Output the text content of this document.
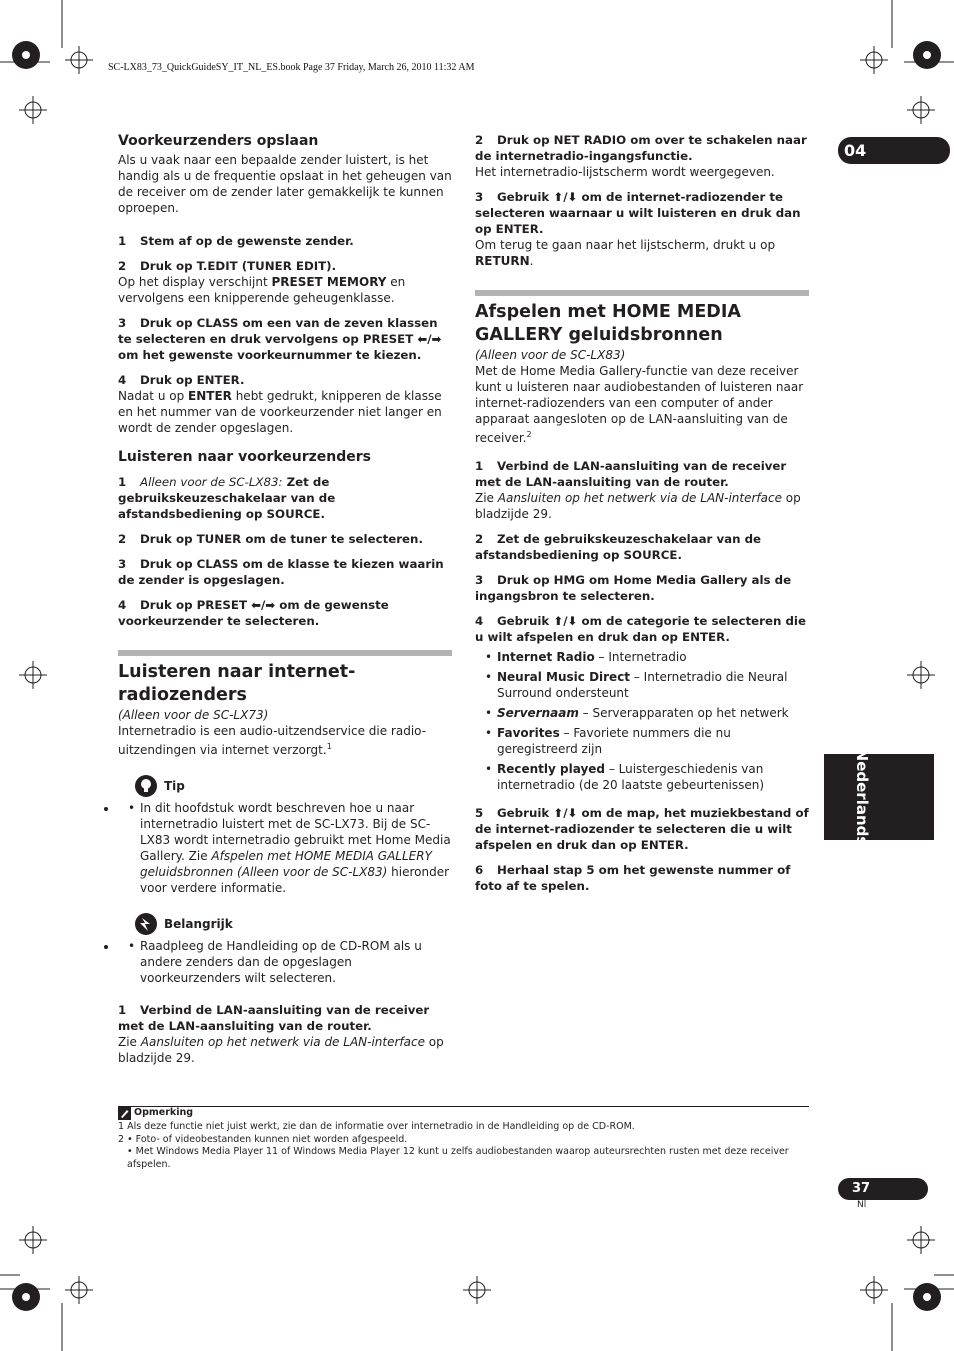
SC-LX83_73_QuickGuideSY_IT_NL_ES.book Page 37 Friday, March 26, 2010 11:32 AM
04
Nederlands
Voorkeurzenders opslaan

Als u vaak naar een bepaalde zender luistert, is het handig als u de frequentie opslaat in het geheugen van de receiver om de zender later gemakkelijk te kunnen oproepen.

1 Stem af op de gewenste zender.
2 Druk op T.EDIT (TUNER EDIT).

Op het display verschijnt PRESET MEMORY en vervolgens een knipperende geheugenklasse.

3 Druk op CLASS om een van de zeven klassen te selecteren en druk vervolgens op PRESET ⬅/➡ om het gewenste voorkeurnummer te kiezen.
4 Druk op ENTER.

Nadat u op ENTER hebt gedrukt, knipperen de klasse en het nummer van de voorkeurzender niet langer en wordt de zender opgeslagen.

Luisteren naar voorkeurzenders
1 Alleen voor de SC-LX83: Zet de gebruikskeuzeschakelaar van de afstandsbediening op SOURCE.
2 Druk op TUNER om de tuner te selecteren.
3 Druk op CLASS om de klasse te kiezen waarin de zender is opgeslagen.
4 Druk op PRESET ⬅/➡ om de gewenste voorkeurzender te selecteren.
Luisteren naar internet-radiozenders
(Alleen voor de SC-LX73)

Internetradio is een audio-uitzendservice die radio-uitzendingen via internet verzorgt.$^1$

Tip
• • In dit hoofdstuk wordt beschreven hoe u naar internetradio luistert met de SC-LX73. Bij de SC-LX83 wordt internetradio gebruikt met Home Media Gallery. Zie Afspelen met HOME MEDIA GALLERY geluidsbronnen (Alleen voor de SC-LX83) hieronder voor verdere informatie.
Belangrijk
• • Raadpleeg de Handleiding op de CD-ROM als u andere zenders dan de opgeslagen voorkeurzenders wilt selecteren.
1 Verbind de LAN-aansluiting van de receiver met de LAN-aansluiting van de router.

Zie Aansluiten op het netwerk via de LAN-interface op bladzijde 29.

2 Druk op NET RADIO om over te schakelen naar de internetradio-ingangsfunctie.

Het internetradio-lijstscherm wordt weergegeven.

3 Gebruik ⬆/⬇ om de internet-radiozender te selecteren waarnaar u wilt luisteren en druk dan op ENTER.

Om terug te gaan naar het lijstscherm, drukt u op RETURN.

Afspelen met HOME MEDIA GALLERY geluidsbronnen
(Alleen voor de SC-LX83)

Met de Home Media Gallery-functie van deze receiver kunt u luisteren naar audiobestanden of luisteren naar internet-radiozenders van een computer of ander apparaat aangesloten op de LAN-aansluiting van de receiver.$^2$

1 Verbind de LAN-aansluiting van de receiver met de LAN-aansluiting van de router.

Zie Aansluiten op het netwerk via de LAN-interface op bladzijde 29.

2 Zet de gebruikskeuzeschakelaar van de afstandsbediening op SOURCE.
3 Druk op HMG om Home Media Gallery als de ingangsbron te selecteren.
4 Gebruik ⬆/⬇ om de categorie te selecteren die u wilt afspelen en druk dan op ENTER.
• Internet Radio – Internetradio
• Neural Music Direct – Internetradio die Neural Surround ondersteunt
• Servernaam – Serverapparaten op het netwerk
• Favorites – Favoriete nummers die nu geregistreerd zijn
• Recently played – Luistergeschiedenis van internetradio (de 20 laatste gebeurtenissen)
5 Gebruik ⬆/⬇ om de map, het muziekbestand of de internet-radiozender te selecteren die u wilt afspelen en druk dan op ENTER.
6 Herhaal stap 5 om het gewenste nummer of foto af te spelen.
Opmerking
1 Als deze functie niet juist werkt, zie dan de informatie over internetradio in de Handleiding op de CD-ROM.
2 • Foto- of videobestanden kunnen niet worden afgespeeld.
• Met Windows Media Player 11 of Windows Media Player 12 kunt u zelfs audiobestanden waarop auteursrechten rusten met deze receiver afspelen.
37
Nl
